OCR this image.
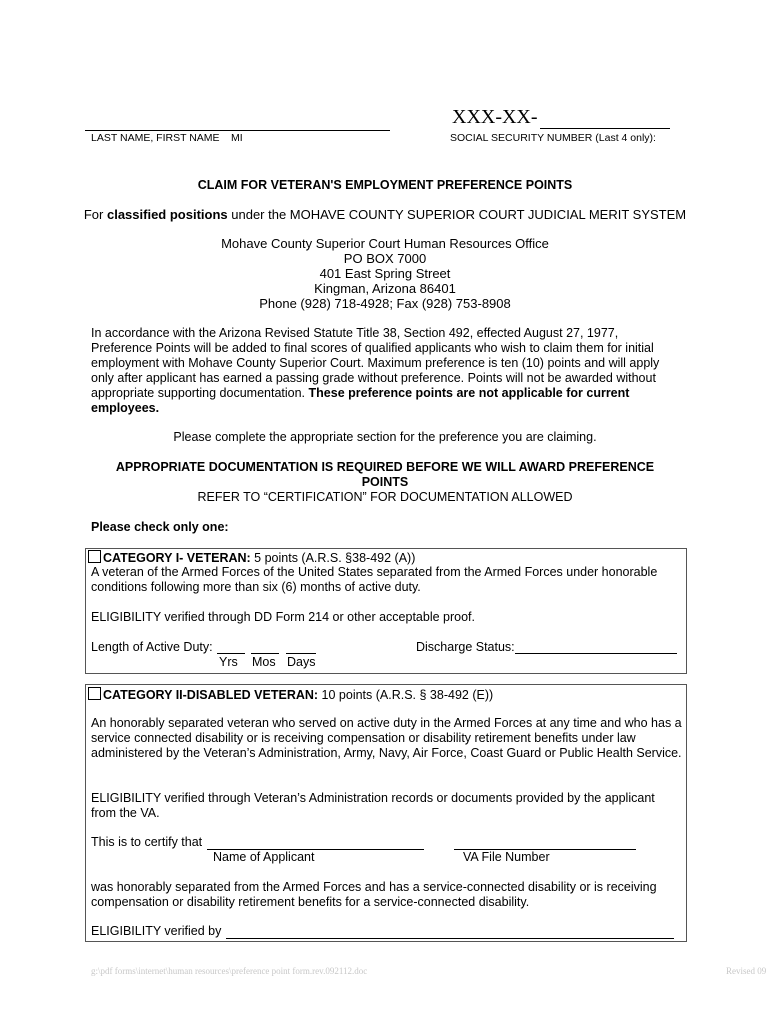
XXX-XX-
LAST NAME, FIRST NAME MI	SOCIAL SECURITY NUMBER (Last 4 only):
CLAIM FOR VETERAN'S EMPLOYMENT PREFERENCE POINTS
For classified positions under the MOHAVE COUNTY SUPERIOR COURT JUDICIAL MERIT SYSTEM
Mohave County Superior Court Human Resources Office
PO BOX 7000
401 East Spring Street
Kingman, Arizona 86401
Phone (928) 718-4928; Fax (928) 753-8908
In accordance with the Arizona Revised Statute Title 38, Section 492, effected August 27, 1977, Preference Points will be added to final scores of qualified applicants who wish to claim them for initial employment with Mohave County Superior Court. Maximum preference is ten (10) points and will apply only after applicant has earned a passing grade without preference. Points will not be awarded without appropriate supporting documentation. These preference points are not applicable for current employees.
Please complete the appropriate section for the preference you are claiming.
APPROPRIATE DOCUMENTATION IS REQUIRED BEFORE WE WILL AWARD PREFERENCE
POINTS
REFER TO “CERTIFICATION” FOR DOCUMENTATION ALLOWED
Please check only one:
CATEGORY I- VETERAN: 5 points (A.R.S. §38-492 (A))
A veteran of the Armed Forces of the United States separated from the Armed Forces under honorable conditions following more than six (6) months of active duty.
ELIGIBILITY verified through DD Form 214 or other acceptable proof.
Length of Active Duty:
Yrs Mos Days
Discharge Status:
CATEGORY II-DISABLED VETERAN: 10 points (A.R.S. § 38-492 (E))
An honorably separated veteran who served on active duty in the Armed Forces at any time and who has a service connected disability or is receiving compensation or disability retirement benefits under law administered by the Veteran’s Administration, Army, Navy, Air Force, Coast Guard or Public Health Service.
ELIGIBILITY verified through Veteran’s Administration records or documents provided by the applicant from the VA.
This is to certify that
Name of Applicant	VA File Number
was honorably separated from the Armed Forces and has a service-connected disability or is receiving compensation or disability retirement benefits for a service-connected disability.
ELIGIBILITY verified by
g:\pdf forms\internet\human resources\preference point form.rev.092112.doc	Revised 09
